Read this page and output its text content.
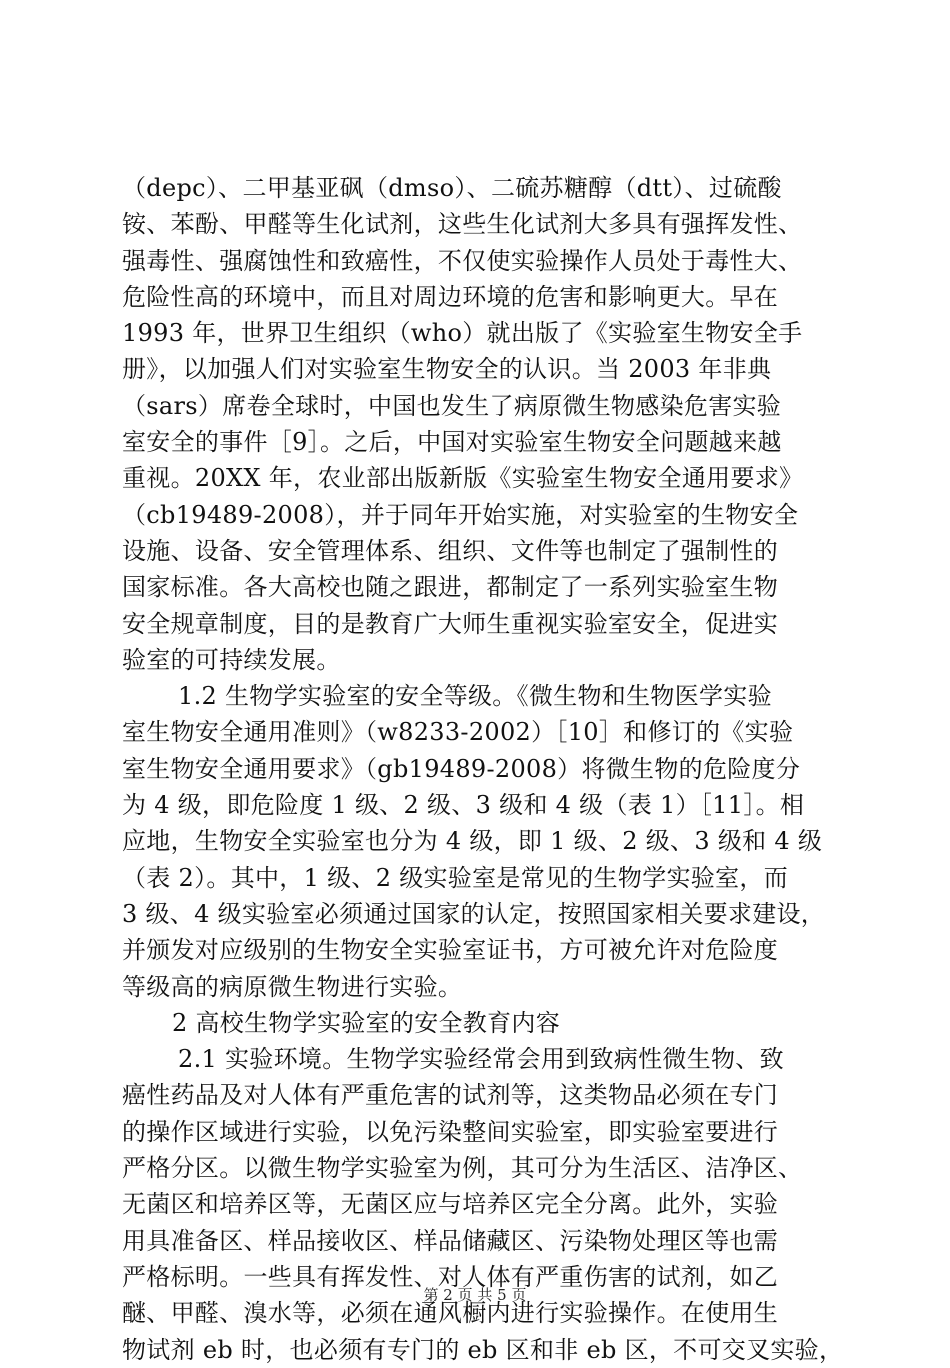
（depc）、二甲基亚砜（dmso）、二硫苏糖醇（dtt）、过硫酸
铵、苯酚、甲醛等生化试剂，这些生化试剂大多具有强挥发性、
强毒性、强腐蚀性和致癌性，不仅使实验操作人员处于毒性大、
危险性高的环境中，而且对周边环境的危害和影响更大。早在
1993 年，世界卫生组织（who）就出版了《实验室生物安全手
册》，以加强人们对实验室生物安全的认识。当 2003 年非典
（sars）席卷全球时，中国也发生了病原微生物感染危害实验
室安全的事件［9］。之后，中国对实验室生物安全问题越来越
重视。20XX 年，农业部出版新版《实验室生物安全通用要求》
（cb19489-2008），并于同年开始实施，对实验室的生物安全
设施、设备、安全管理体系、组织、文件等也制定了强制性的
国家标准。各大高校也随之跟进，都制定了一系列实验室生物
安全规章制度，目的是教育广大师生重视实验室安全，促进实
验室的可持续发展。
1.2 生物学实验室的安全等级。《微生物和生物医学实验
室生物安全通用准则》（w8233-2002）［10］和修订的《实验
室生物安全通用要求》（gb19489-2008）将微生物的危险度分
为 4 级，即危险度 1 级、2 级、3 级和 4 级（表 1）［11］。相
应地，生物安全实验室也分为 4 级，即 1 级、2 级、3 级和 4 级
（表 2）。其中，1 级、2 级实验室是常见的生物学实验室，而
3 级、4 级实验室必须通过国家的认定，按照国家相关要求建设，
并颁发对应级别的生物安全实验室证书，方可被允许对危险度
等级高的病原微生物进行实验。
2 高校生物学实验室的安全教育内容
2.1 实验环境。生物学实验经常会用到致病性微生物、致
癌性药品及对人体有严重危害的试剂等，这类物品必须在专门
的操作区域进行实验，以免污染整间实验室，即实验室要进行
严格分区。以微生物学实验室为例，其可分为生活区、洁净区、
无菌区和培养区等，无菌区应与培养区完全分离。此外，实验
用具准备区、样品接收区、样品储藏区、污染物处理区等也需
严格标明。一些具有挥发性、对人体有严重伤害的试剂，如乙
醚、甲醛、溴水等，必须在通风橱内进行实验操作。在使用生
物试剂 eb 时，也必须有专门的 eb 区和非 eb 区，不可交叉实验，
第 2 页 共 5 页
